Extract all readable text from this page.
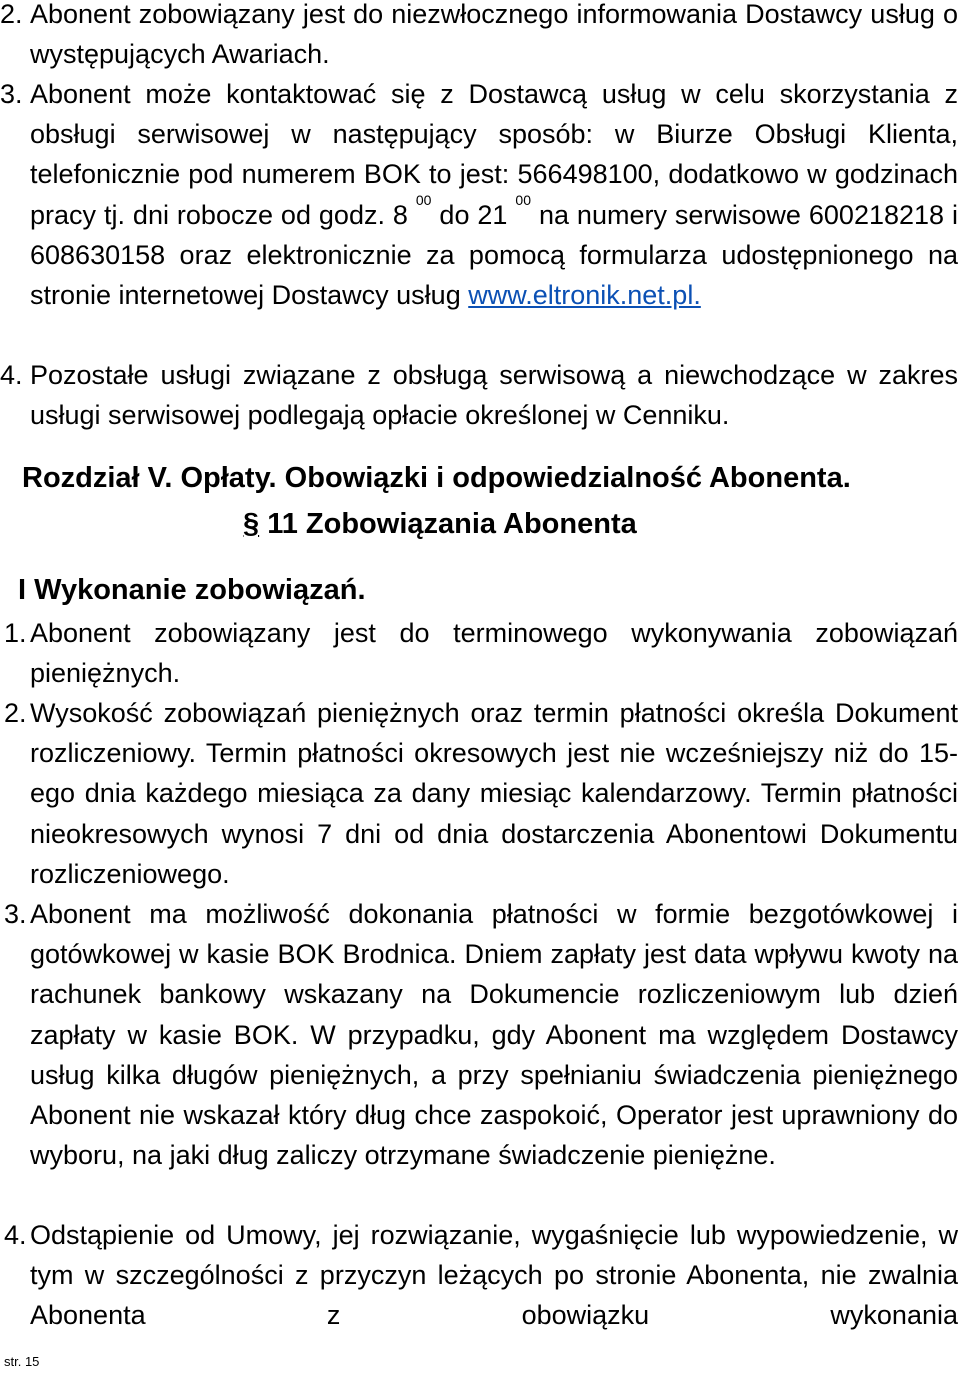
2. Abonent zobowiązany jest do niezwłocznego informowania Dostawcy usług o występujących Awariach.
3. Abonent może kontaktować się z Dostawcą usług w celu skorzystania z obsługi serwisowej w następujący sposób: w Biurze Obsługi Klienta, telefonicznie pod numerem BOK to jest: 566498100, dodatkowo w godzinach pracy tj. dni robocze od godz. 8 $^{00}$ do 21 $^{00}$ na numery serwisowe 600218218 i 608630158 oraz elektronicznie za pomocą formularza udostępnionego na stronie internetowej Dostawcy usług www.eltronik.net.pl.
4. Pozostałe usługi związane z obsługą serwisową a niewchodzące w zakres usługi serwisowej podlegają opłacie określonej w Cenniku.
Rozdział V. Opłaty. Obowiązki i odpowiedzialność Abonenta.
§ 11 Zobowiązania Abonenta
I Wykonanie zobowiązań.
1. Abonent zobowiązany jest do terminowego wykonywania zobowiązań pieniężnych.
2. Wysokość zobowiązań pieniężnych oraz termin płatności określa Dokument rozliczeniowy. Termin płatności okresowych jest nie wcześniejszy niż do 15-ego dnia każdego miesiąca za dany miesiąc kalendarzowy. Termin płatności nieokresowych wynosi 7 dni od dnia dostarczenia Abonentowi Dokumentu rozliczeniowego.
3. Abonent ma możliwość dokonania płatności w formie bezgotówkowej i gotówkowej w kasie BOK Brodnica. Dniem zapłaty jest data wpływu kwoty na rachunek bankowy wskazany na Dokumencie rozliczeniowym lub dzień zapłaty w kasie BOK. W przypadku, gdy Abonent ma względem Dostawcy usług kilka długów pieniężnych, a przy spełnianiu świadczenia pieniężnego Abonent nie wskazał który dług chce zaspokoić, Operator jest uprawniony do wyboru, na jaki dług zaliczy otrzymane świadczenie pieniężne.
4. Odstąpienie od Umowy, jej rozwiązanie, wygaśnięcie lub wypowiedzenie, w tym w szczególności z przyczyn leżących po stronie Abonenta, nie zwalnia Abonenta z obowiązku wykonania
str. 15
